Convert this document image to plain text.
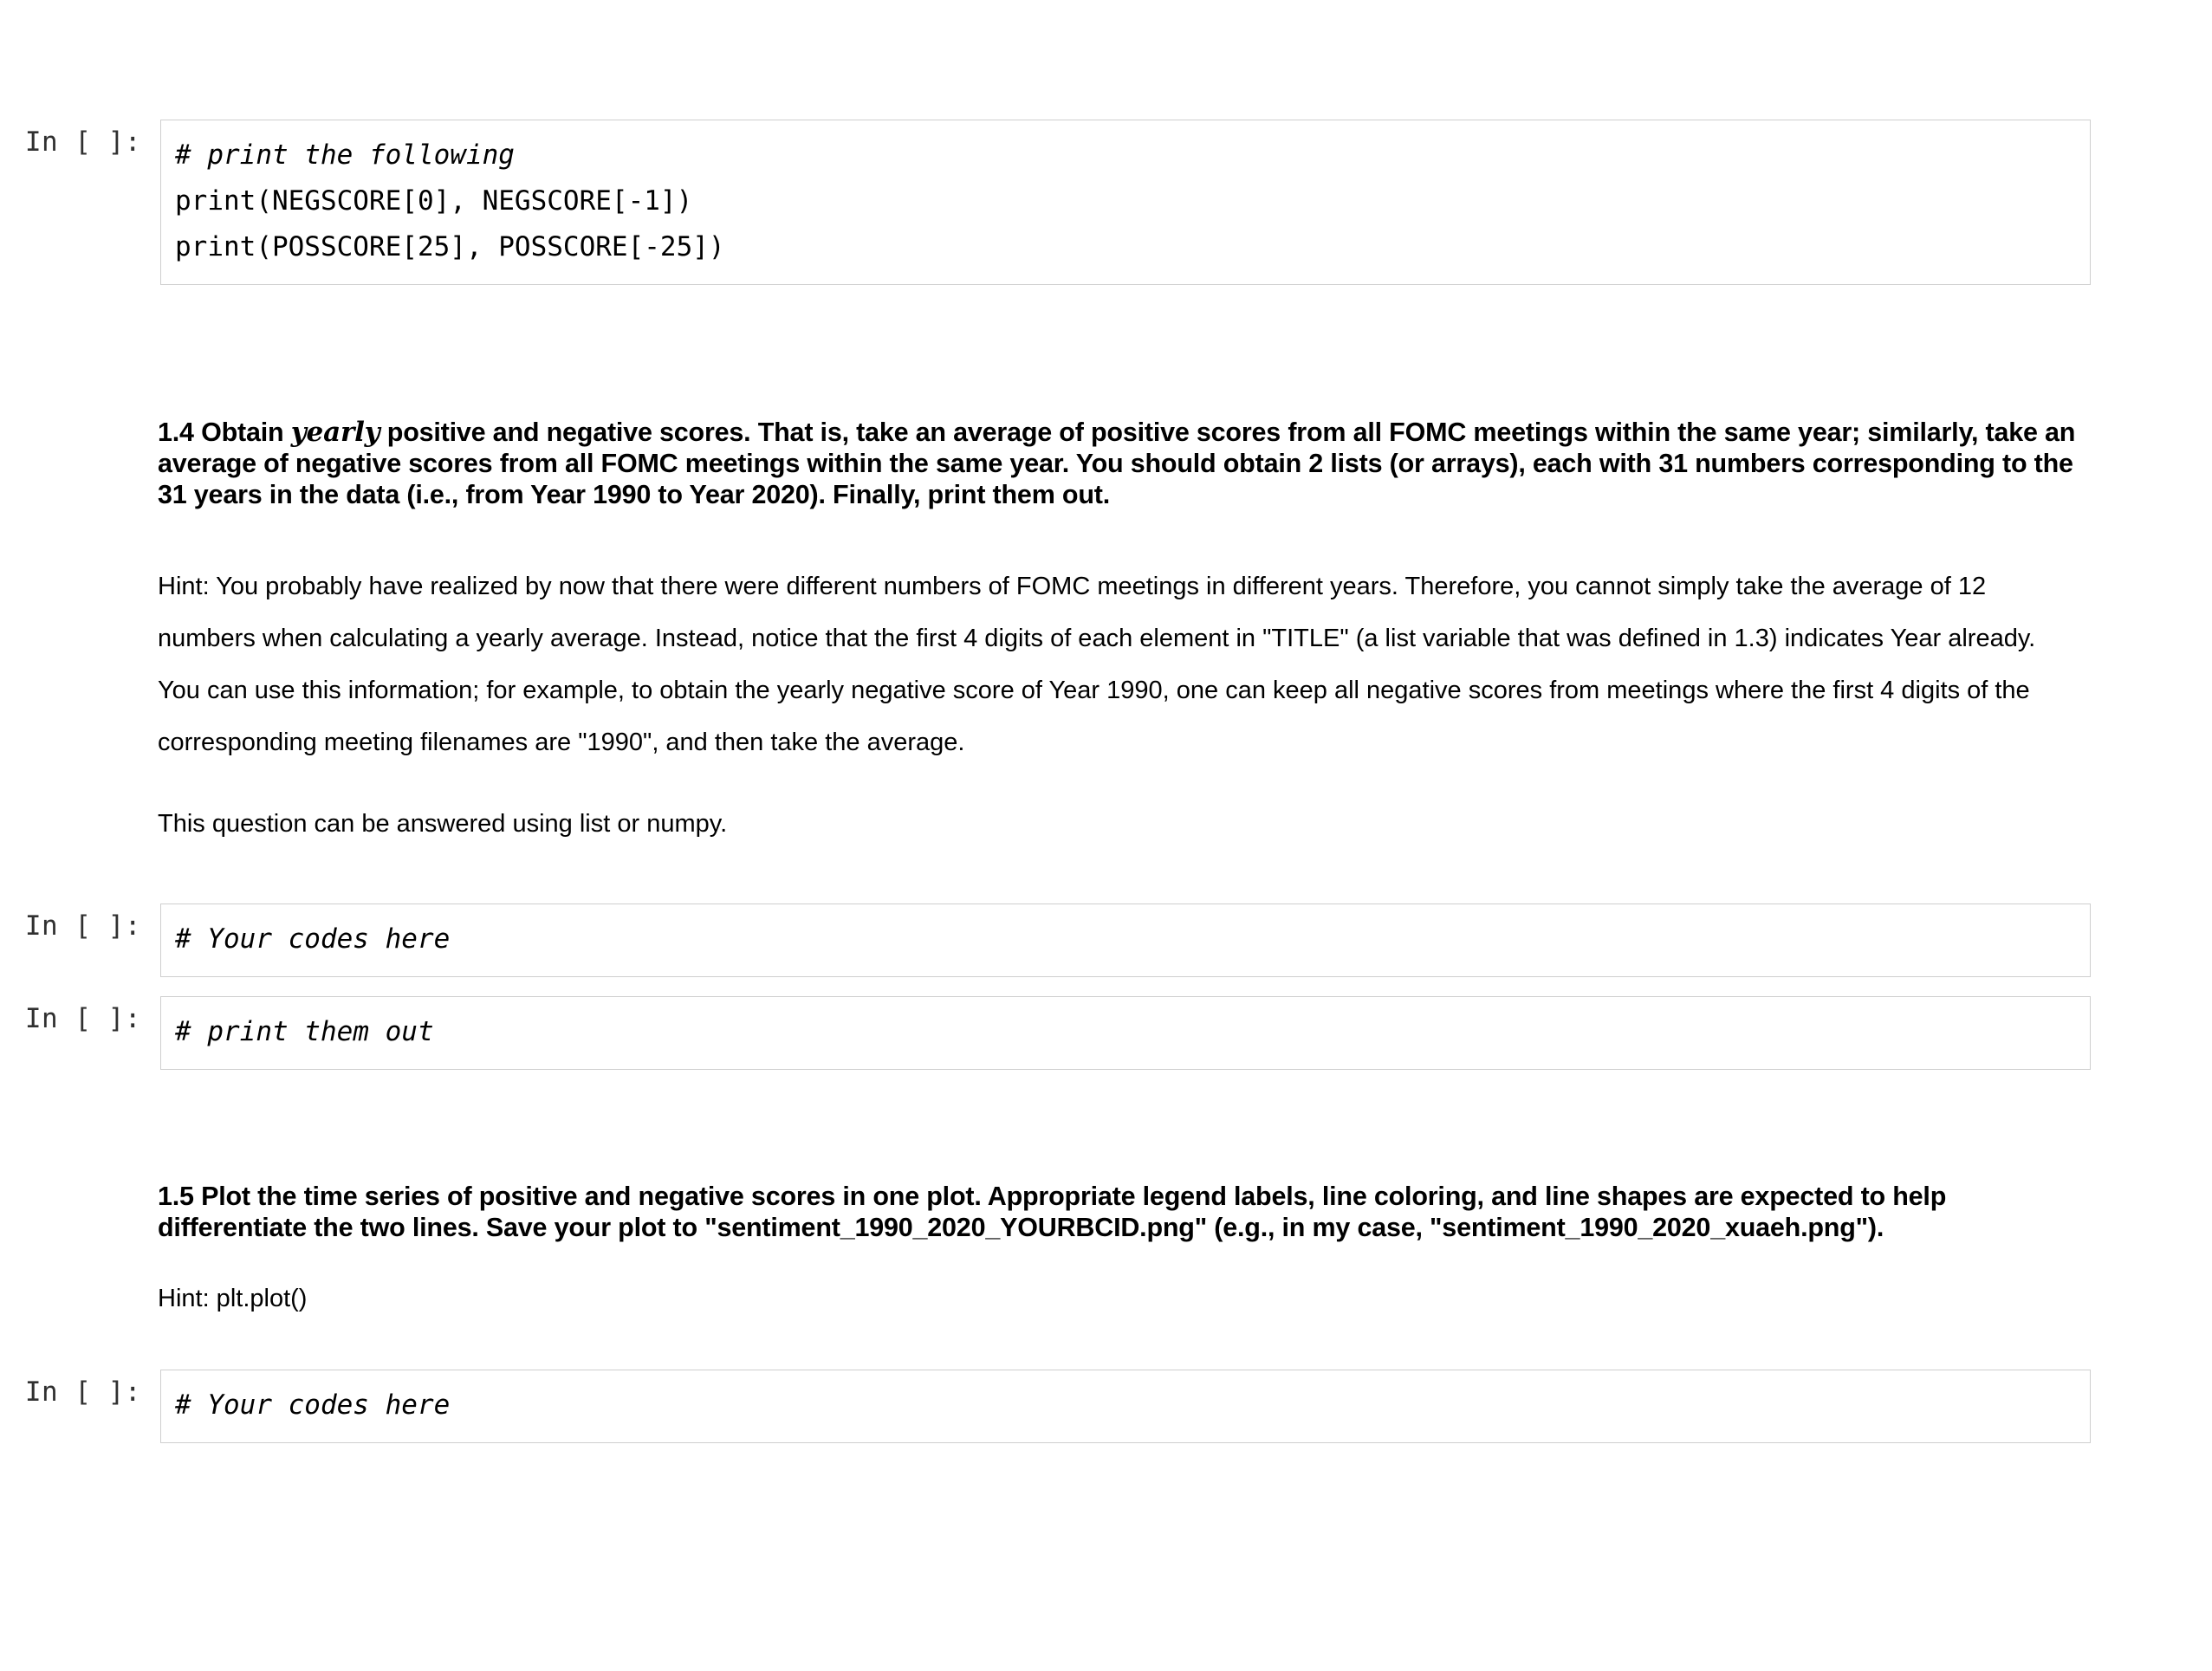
In [ ]:	# print the following
print(NEGSCORE[0], NEGSCORE[-1])
print(POSSCORE[25], POSSCORE[-25])

1.4 Obtain yearly positive and negative scores. That is, take an average of positive scores from all FOMC meetings within the same year; similarly, take an average of negative scores from all FOMC meetings within the same year. You should obtain 2 lists (or arrays), each with 31 numbers corresponding to the 31 years in the data (i.e., from Year 1990 to Year 2020). Finally, print them out.

Hint: You probably have realized by now that there were different numbers of FOMC meetings in different years. Therefore, you cannot simply take the average of 12 numbers when calculating a yearly average. Instead, notice that the first 4 digits of each element in "TITLE" (a list variable that was defined in 1.3) indicates Year already. You can use this information; for example, to obtain the yearly negative score of Year 1990, one can keep all negative scores from meetings where the first 4 digits of the corresponding meeting filenames are "1990", and then take the average.

This question can be answered using list or numpy.

In [ ]:	# Your codes here
In [ ]:	# print them out

1.5 Plot the time series of positive and negative scores in one plot. Appropriate legend labels, line coloring, and line shapes are expected to help differentiate the two lines. Save your plot to "sentiment_1990_2020_YOURBCID.png" (e.g., in my case, "sentiment_1990_2020_xuaeh.png").

Hint: plt.plot()

In [ ]:	# Your codes here
